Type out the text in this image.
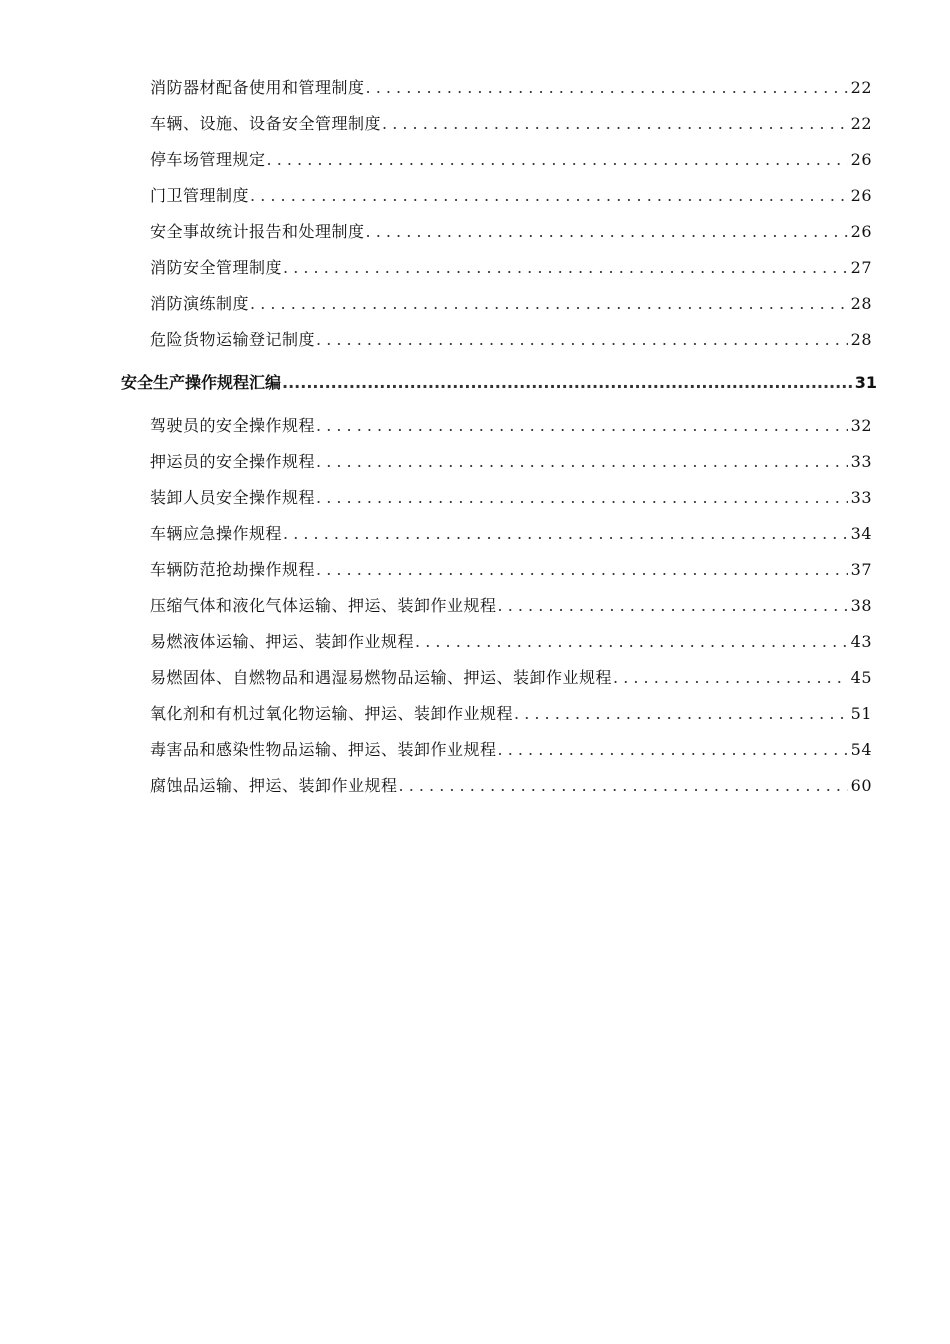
消防器材配备使用和管理制度 . . .	22
车辆、设施、设备安全管理制度 . . .	22
停车场管理规定 . . .	26
门卫管理制度 . . .	26
安全事故统计报告和处理制度 . . .	26
消防安全管理制度 . . .	27
消防演练制度 . . .	28
危险货物运输登记制度 . . .	28
安全生产操作规程汇编 .....	31
驾驶员的安全操作规程 . . .	32
押运员的安全操作规程 . . .	33
装卸人员安全操作规程 . . .	33
车辆应急操作规程 . . .	34
车辆防范抢劫操作规程 . . .	37
压缩气体和液化气体运输、押运、装卸作业规程 . . .	38
易燃液体运输、押运、装卸作业规程 . . .	43
易燃固体、自燃物品和遇湿易燃物品运输、押运、装卸作业规程 . . .	45
氧化剂和有机过氧化物运输、押运、装卸作业规程 . . .	51
毒害品和感染性物品运输、押运、装卸作业规程 . . .	54
腐蚀品运输、押运、装卸作业规程 . . .	60
